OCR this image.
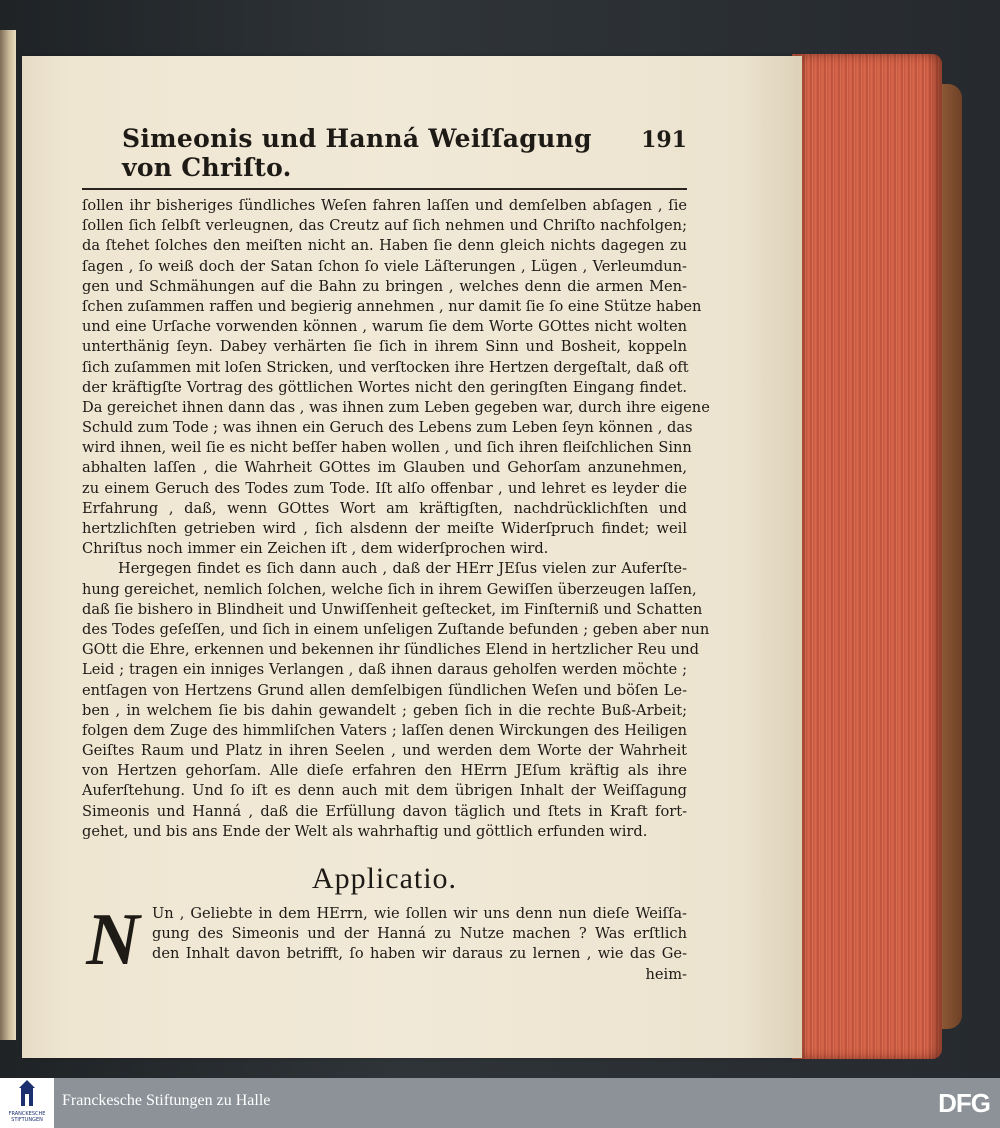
Simeonis und Hanná Weiſſagung von Chriſto.
191
ſollen ihr bisheriges ſündliches Weſen fahren laſſen und demſelben abſagen , ſie
ſollen ſich ſelbſt verleugnen, das Creutz auf ſich nehmen und Chriſto nachfolgen;
da ſtehet ſolches den meiſten nicht an. Haben ſie denn gleich nichts dagegen zu
ſagen , ſo weiß doch der Satan ſchon ſo viele Läſterungen , Lügen , Verleumdun-
gen und Schmähungen auf die Bahn zu bringen , welches denn die armen Men-
ſchen zuſammen raffen und begierig annehmen , nur damit ſie ſo eine Stütze haben
und eine Urſache vorwenden können , warum ſie dem Worte GOttes nicht wolten
unterthänig ſeyn. Dabey verhärten ſie ſich in ihrem Sinn und Bosheit, koppeln
ſich zuſammen mit loſen Stricken, und verſtocken ihre Hertzen dergeſtalt, daß oft
der kräftigſte Vortrag des göttlichen Wortes nicht den geringſten Eingang findet.
Da gereichet ihnen dann das , was ihnen zum Leben gegeben war, durch ihre eigene
Schuld zum Tode ; was ihnen ein Geruch des Lebens zum Leben ſeyn können , das
wird ihnen, weil ſie es nicht beſſer haben wollen , und ſich ihren fleiſchlichen Sinn
abhalten laſſen , die Wahrheit GOttes im Glauben und Gehorſam anzunehmen,
zu einem Geruch des Todes zum Tode. Iſt alſo offenbar , und lehret es leyder die
Erfahrung , daß, wenn GOttes Wort am kräftigſten, nachdrücklichſten und
hertzlichſten getrieben wird , ſich alsdenn der meiſte Widerſpruch findet; weil
Chriſtus noch immer ein Zeichen iſt , dem widerſprochen wird.
Hergegen findet es ſich dann auch , daß der HErr JEſus vielen zur Auferſte-
hung gereichet, nemlich ſolchen, welche ſich in ihrem Gewiſſen überzeugen laſſen,
daß ſie bishero in Blindheit und Unwiſſenheit geſtecket, im Finſterniß und Schatten
des Todes geſeſſen, und ſich in einem unſeligen Zuſtande befunden ; geben aber nun
GOtt die Ehre, erkennen und bekennen ihr ſündliches Elend in hertzlicher Reu und
Leid ; tragen ein inniges Verlangen , daß ihnen daraus geholfen werden möchte ;
entſagen von Hertzens Grund allen demſelbigen ſündlichen Weſen und böſen Le-
ben , in welchem ſie bis dahin gewandelt ; geben ſich in die rechte Buß-Arbeit;
folgen dem Zuge des himmliſchen Vaters ; laſſen denen Wirckungen des Heiligen
Geiſtes Raum und Platz in ihren Seelen , und werden dem Worte der Wahrheit
von Hertzen gehorſam. Alle dieſe erfahren den HErrn JEſum kräftig als ihre
Auferſtehung. Und ſo iſt es denn auch mit dem übrigen Inhalt der Weiſſagung
Simeonis und Hanná , daß die Erfüllung davon täglich und ſtets in Kraft fort-
gehet, und bis ans Ende der Welt als wahrhaftig und göttlich erfunden wird.
Applicatio.
N Un , Geliebte in dem HErrn, wie ſollen wir uns denn nun dieſe Weiſſa-
gung des Simeonis und der Hanná zu Nutze machen ? Was erſtlich
den Inhalt davon betrifft, ſo haben wir daraus zu lernen , wie das Ge-
heim-
FRANCKESCHE STIFTUNGEN
Franckesche Stiftungen zu Halle	DFG
